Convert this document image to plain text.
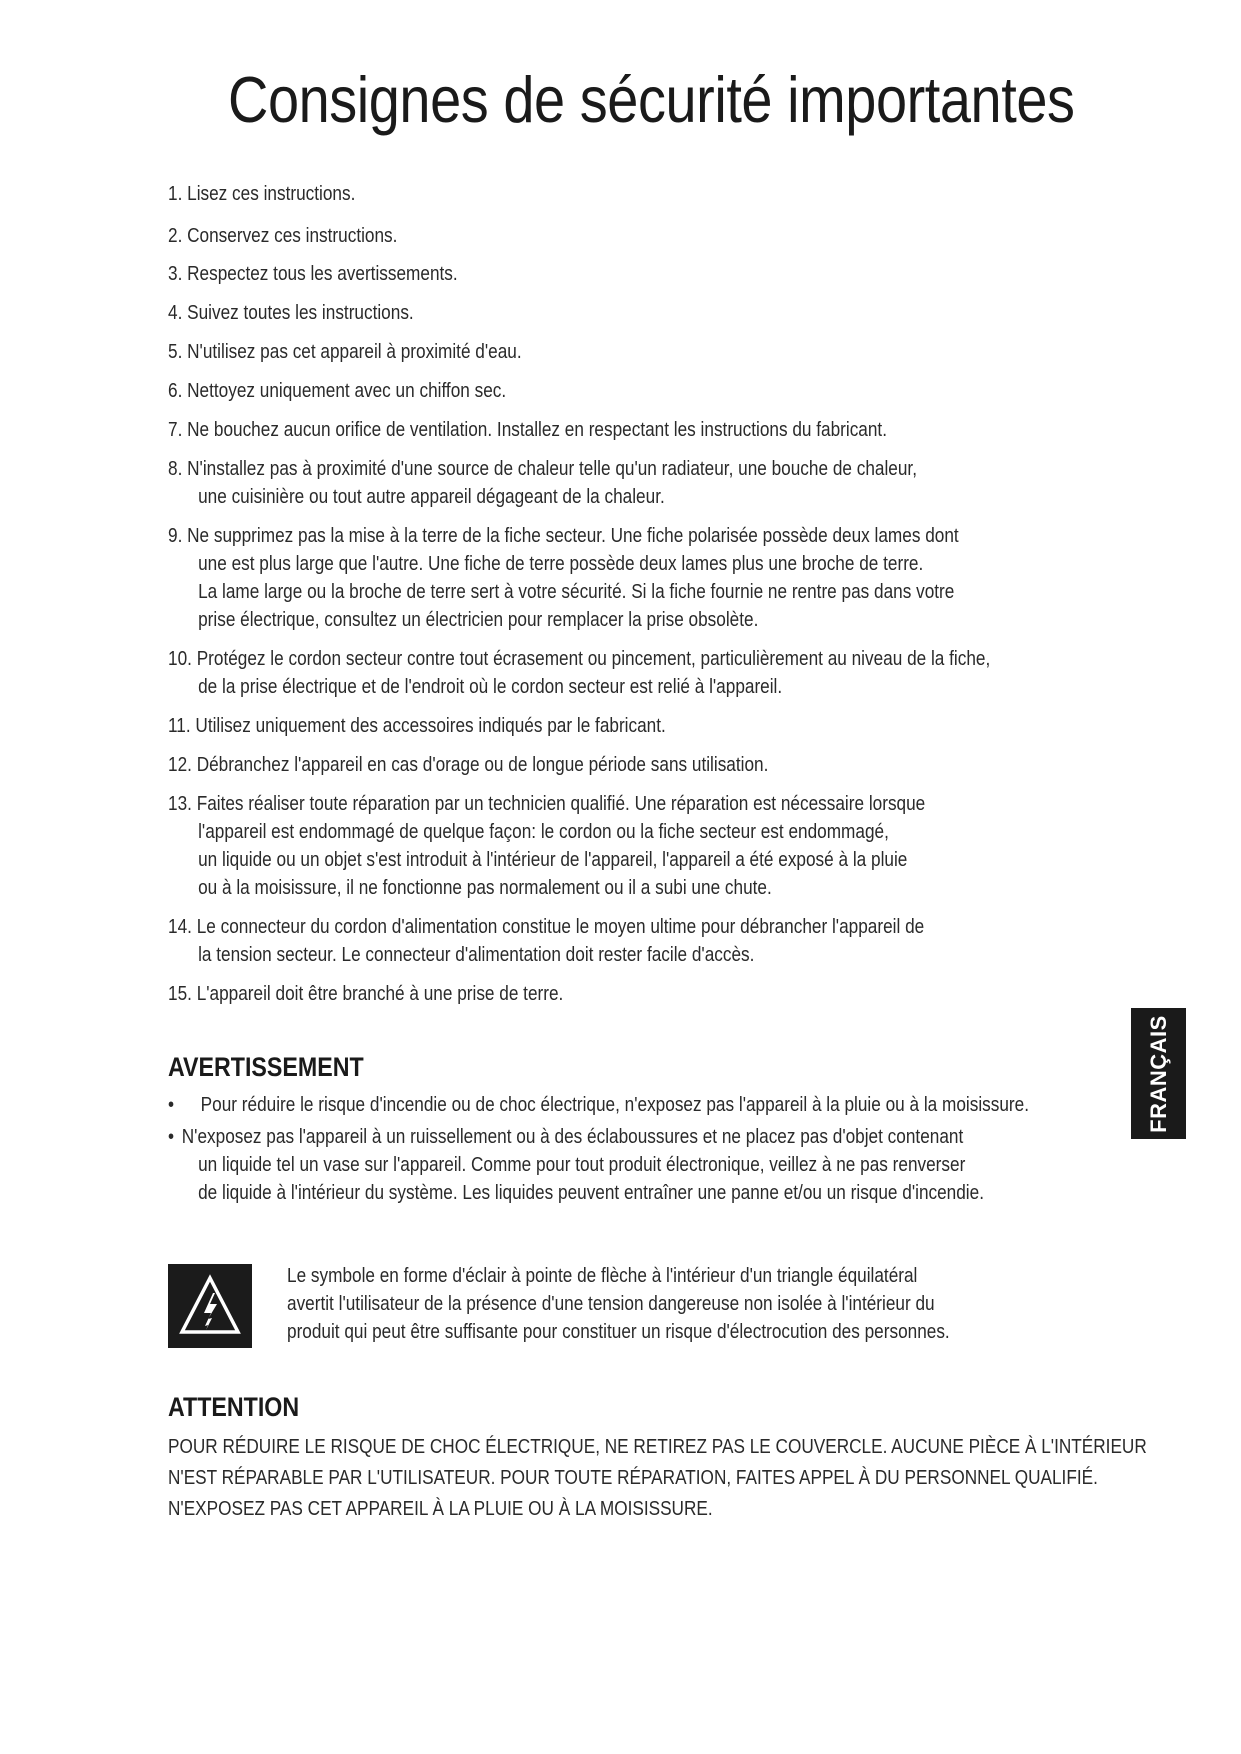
Consignes de sécurité importantes
1. Lisez ces instructions.
2. Conservez ces instructions.
3. Respectez tous les avertissements.
4. Suivez toutes les instructions.
5. N'utilisez pas cet appareil à proximité d'eau.
6. Nettoyez uniquement avec un chiffon sec.
7. Ne bouchez aucun orifice de ventilation. Installez en respectant les instructions du fabricant.
8. N'installez pas à proximité d'une source de chaleur telle qu'un radiateur, une bouche de chaleur,
une cuisinière ou tout autre appareil dégageant de la chaleur.
9. Ne supprimez pas la mise à la terre de la fiche secteur. Une fiche polarisée possède deux lames dont
une est plus large que l'autre. Une fiche de terre possède deux lames plus une broche de terre.
La lame large ou la broche de terre sert à votre sécurité. Si la fiche fournie ne rentre pas dans votre
prise électrique, consultez un électricien pour remplacer la prise obsolète.
10. Protégez le cordon secteur contre tout écrasement ou pincement, particulièrement au niveau de la fiche,
de la prise électrique et de l'endroit où le cordon secteur est relié à l'appareil.
11. Utilisez uniquement des accessoires indiqués par le fabricant.
12. Débranchez l'appareil en cas d'orage ou de longue période sans utilisation.
13. Faites réaliser toute réparation par un technicien qualifié. Une réparation est nécessaire lorsque
l'appareil est endommagé de quelque façon: le cordon ou la fiche secteur est endommagé,
un liquide ou un objet s'est introduit à l'intérieur de l'appareil, l'appareil a été exposé à la pluie
ou à la moisissure, il ne fonctionne pas normalement ou il a subi une chute.
14. Le connecteur du cordon d'alimentation constitue le moyen ultime pour débrancher l'appareil de
la tension secteur. Le connecteur d'alimentation doit rester facile d'accès.
15. L'appareil doit être branché à une prise de terre.
FRANÇAIS
AVERTISSEMENT
• Pour réduire le risque d'incendie ou de choc électrique, n'exposez pas l'appareil à la pluie ou à la moisissure.
• N'exposez pas l'appareil à un ruissellement ou à des éclaboussures et ne placez pas d'objet contenant
un liquide tel un vase sur l'appareil. Comme pour tout produit électronique, veillez à ne pas renverser
de liquide à l'intérieur du système. Les liquides peuvent entraîner une panne et/ou un risque d'incendie.
Le symbole en forme d'éclair à pointe de flèche à l'intérieur d'un triangle équilatéral
avertit l'utilisateur de la présence d'une tension dangereuse non isolée à l'intérieur du
produit qui peut être suffisante pour constituer un risque d'électrocution des personnes.
ATTENTION
POUR RÉDUIRE LE RISQUE DE CHOC ÉLECTRIQUE, NE RETIREZ PAS LE COUVERCLE. AUCUNE PIÈCE À L'INTÉRIEUR
N'EST RÉPARABLE PAR L'UTILISATEUR. POUR TOUTE RÉPARATION, FAITES APPEL À DU PERSONNEL QUALIFIÉ.
N'EXPOSEZ PAS CET APPAREIL À LA PLUIE OU À LA MOISISSURE.
